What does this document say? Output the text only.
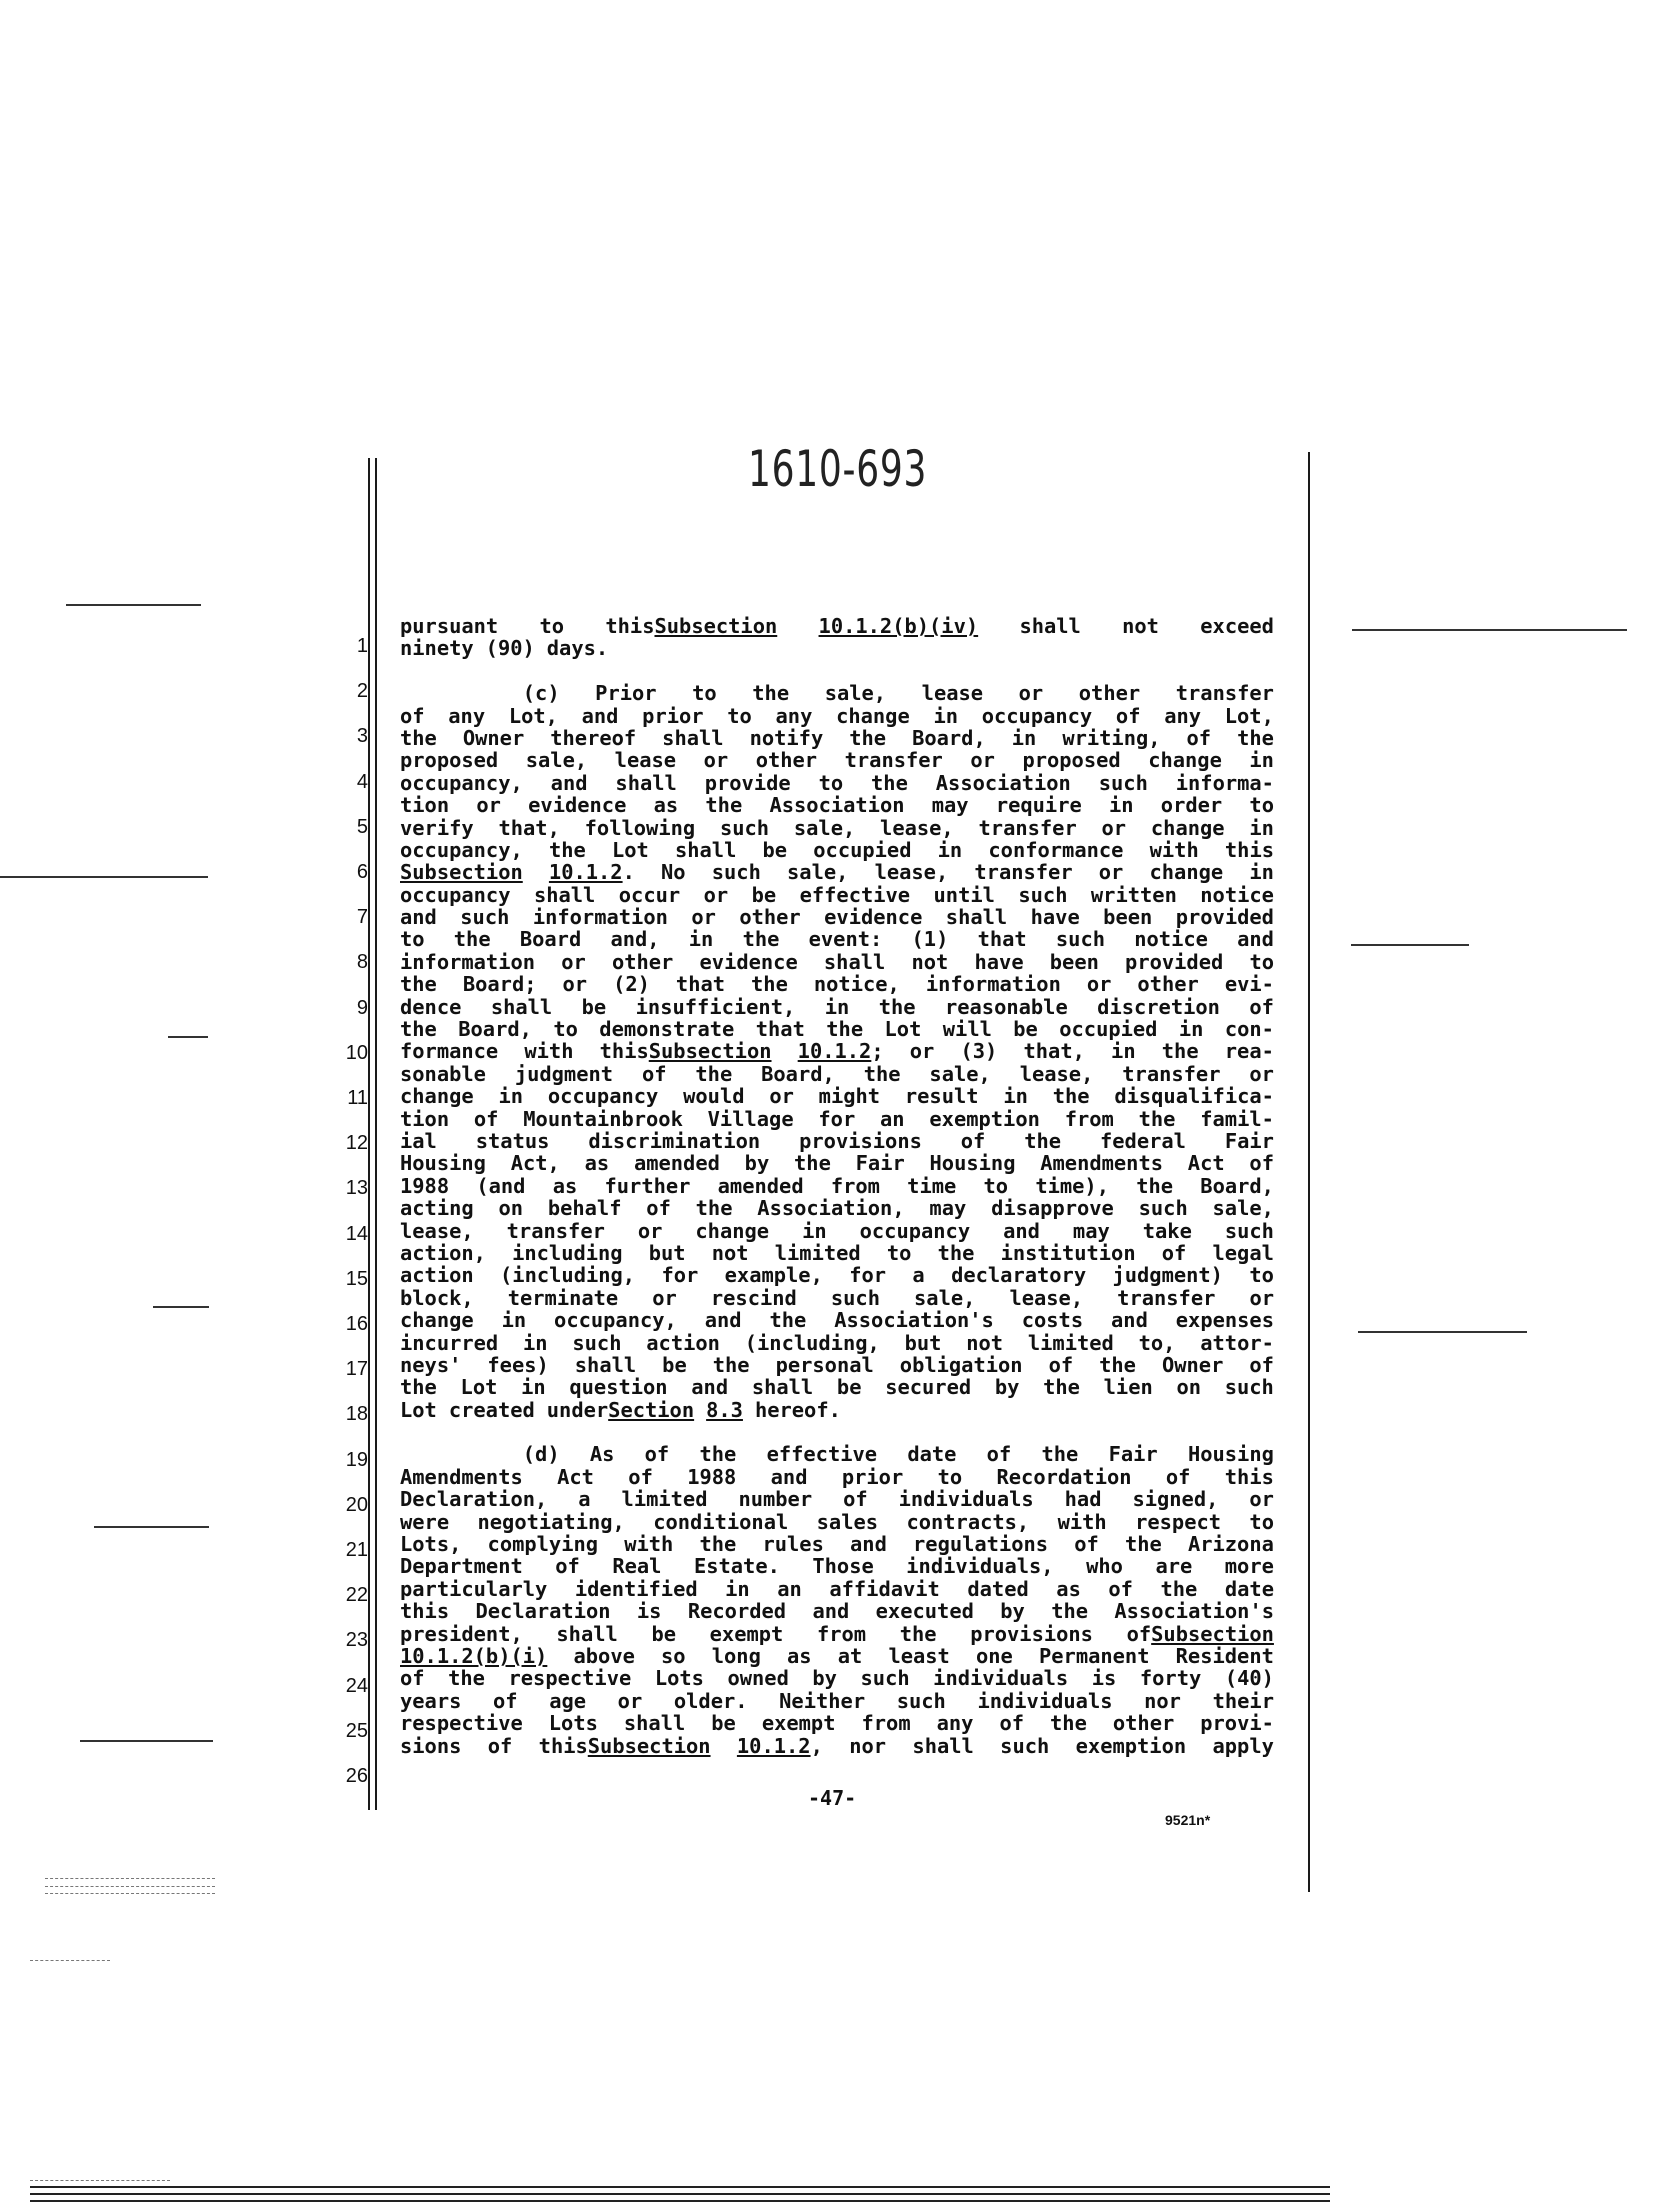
1610-693
1
2
3
4
5
6
7
8
9
10
11
12
13
14
15
16
17
18
19
20
21
22
23
24
25
26
pursuant to thisSubsection 10.1.2(b)(iv) shall not exceed
ninety (90) days.
(c) Prior to the sale, lease or other transfer
of any Lot, and prior to any change in occupancy of any Lot,
the Owner thereof shall notify the Board, in writing, of the
proposed sale, lease or other transfer or proposed change in
occupancy, and shall provide to the Association such informa-
tion or evidence as the Association may require in order to
verify that, following such sale, lease, transfer or change in
occupancy, the Lot shall be occupied in conformance with this
Subsection 10.1.2. No such sale, lease, transfer or change in
occupancy shall occur or be effective until such written notice
and such information or other evidence shall have been provided
to the Board and, in the event: (1) that such notice and
information or other evidence shall not have been provided to
the Board; or (2) that the notice, information or other evi-
dence shall be insufficient, in the reasonable discretion of
the Board, to demonstrate that the Lot will be occupied in con-
formance with thisSubsection 10.1.2; or (3) that, in the rea-
sonable judgment of the Board, the sale, lease, transfer or
change in occupancy would or might result in the disqualifica-
tion of Mountainbrook Village for an exemption from the famil-
ial status discrimination provisions of the federal Fair
Housing Act, as amended by the Fair Housing Amendments Act of
1988 (and as further amended from time to time), the Board,
acting on behalf of the Association, may disapprove such sale,
lease, transfer or change in occupancy and may take such
action, including but not limited to the institution of legal
action (including, for example, for a declaratory judgment) to
block, terminate or rescind such sale, lease, transfer or
change in occupancy, and the Association's costs and expenses
incurred in such action (including, but not limited to, attor-
neys' fees) shall be the personal obligation of the Owner of
the Lot in question and shall be secured by the lien on such
Lot created underSection 8.3 hereof.
(d) As of the effective date of the Fair Housing
Amendments Act of 1988 and prior to Recordation of this
Declaration, a limited number of individuals had signed, or
were negotiating, conditional sales contracts, with respect to
Lots, complying with the rules and regulations of the Arizona
Department of Real Estate. Those individuals, who are more
particularly identified in an affidavit dated as of the date
this Declaration is Recorded and executed by the Association's
president, shall be exempt from the provisions ofSubsection
10.1.2(b)(i) above so long as at least one Permanent Resident
of the respective Lots owned by such individuals is forty (40)
years of age or older. Neither such individuals nor their
respective Lots shall be exempt from any of the other provi-
sions of thisSubsection 10.1.2, nor shall such exemption apply
-47-
9521n*
